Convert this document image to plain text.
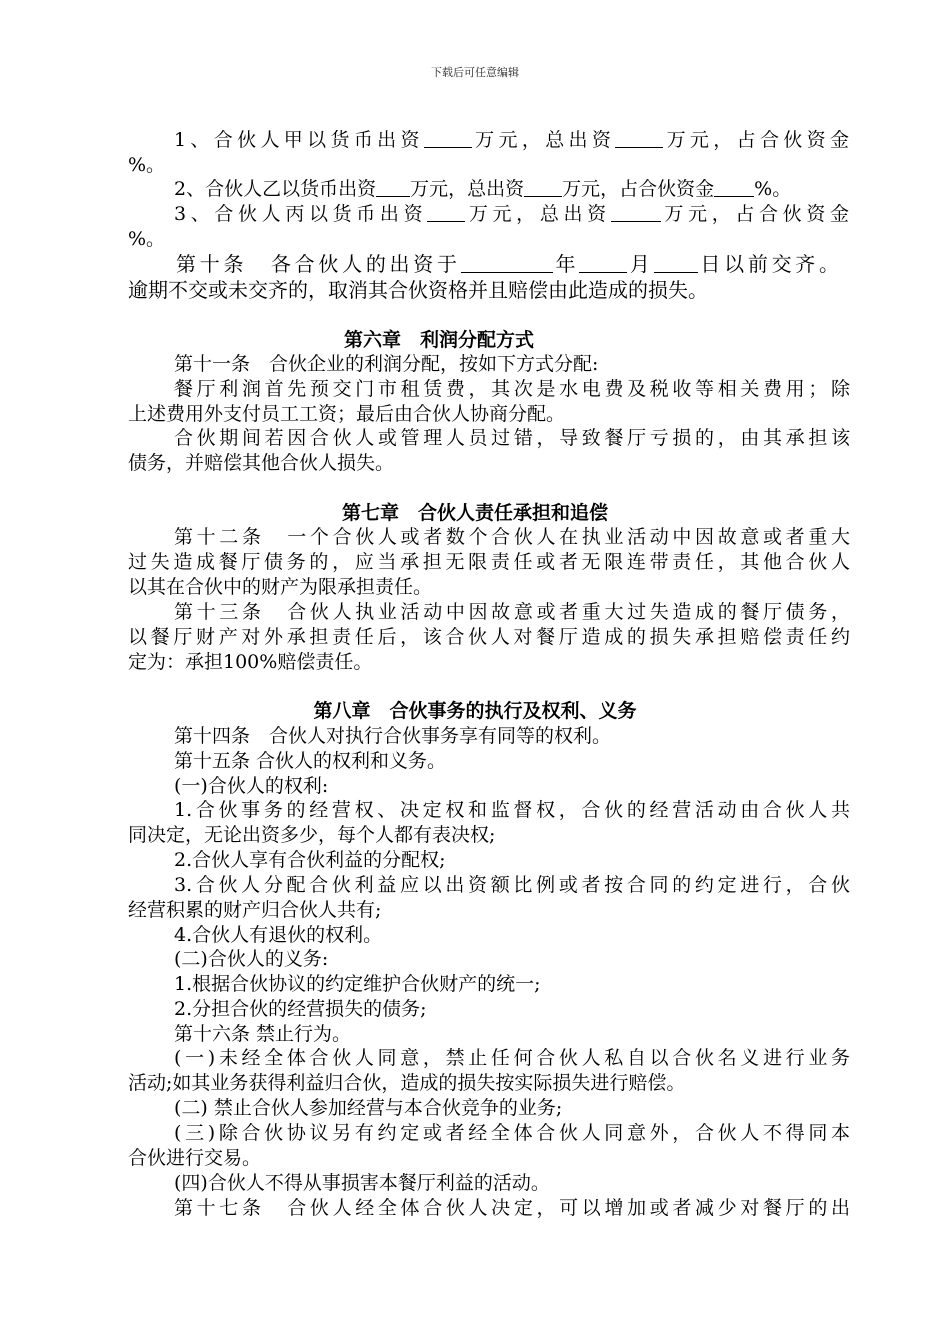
下载后可任意编辑
1、合伙人甲以货币出资	万元，总出资	万元，占合伙资金
%。
2、合伙人乙以货币出资 万元，总出资 万元，占合伙资金 %。
3、合伙人丙以货币出资 万元，总出资	万元，占合伙资金
%。
第十条　各合伙人的出资于	年 月 日以前交齐。
逾期不交或未交齐的，取消其合伙资格并且赔偿由此造成的损失。
第六章　利润分配方式
第十一条　合伙企业的利润分配，按如下方式分配:
餐厅利润首先预交门市租赁费，其次是水电费及税收等相关费用；除
上述费用外支付员工工资；最后由合伙人协商分配。
合伙期间若因合伙人或管理人员过错，导致餐厅亏损的，由其承担该
债务，并赔偿其他合伙人损失。
第七章　合伙人责任承担和追偿
第十二条　一个合伙人或者数个合伙人在执业活动中因故意或者重大
过失造成餐厅债务的，应当承担无限责任或者无限连带责任，其他合伙人
以其在合伙中的财产为限承担责任。
第十三条　合伙人执业活动中因故意或者重大过失造成的餐厅债务，
以餐厅财产对外承担责任后，该合伙人对餐厅造成的损失承担赔偿责任约
定为：承担100%赔偿责任。
第八章　合伙事务的执行及权利、义务
第十四条　合伙人对执行合伙事务享有同等的权利。
第十五条 合伙人的权利和义务。
(一)合伙人的权利:
1.合伙事务的经营权、决定权和监督权，合伙的经营活动由合伙人共
同决定，无论出资多少，每个人都有表决权;
2.合伙人享有合伙利益的分配权;
3.合伙人分配合伙利益应以出资额比例或者按合同的约定进行，合伙
经营积累的财产归合伙人共有;
4.合伙人有退伙的权利。
(二)合伙人的义务:
1.根据合伙协议的约定维护合伙财产的统一;
2.分担合伙的经营损失的债务;
第十六条 禁止行为。
(一)未经全体合伙人同意，禁止任何合伙人私自以合伙名义进行业务
活动;如其业务获得利益归合伙，造成的损失按实际损失进行赔偿。
(二) 禁止合伙人参加经营与本合伙竞争的业务;
(三)除合伙协议另有约定或者经全体合伙人同意外，合伙人不得同本
合伙进行交易。
(四)合伙人不得从事损害本餐厅利益的活动。
第十七条　合伙人经全体合伙人决定，可以增加或者减少对餐厅的出
